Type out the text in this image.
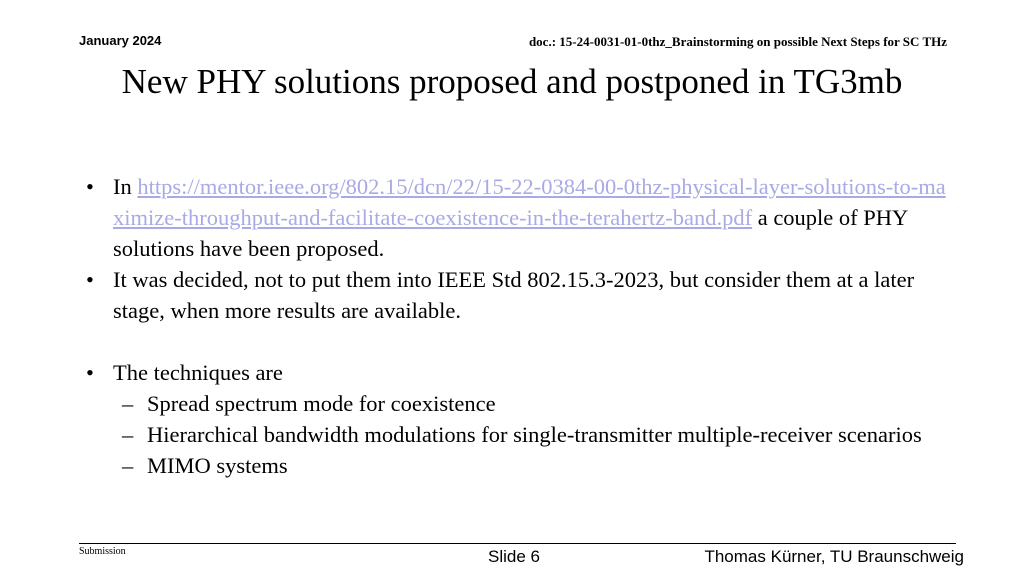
January 2024	doc.: 15-24-0031-01-0thz_Brainstorming on possible Next Steps for SC THz
New PHY solutions proposed and postponed in TG3mb
• In https://mentor.ieee.org/802.15/dcn/22/15-22-0384-00-0thz-physical-layer-solutions-to-maximize-throughput-and-facilitate-coexistence-in-the-terahertz-band.pdf a couple of PHY solutions have been proposed.
• It was decided, not to put them into IEEE Std 802.15.3-2023, but consider them at a later stage, when more results are available.
• The techniques are
– Spread spectrum mode for coexistence
– Hierarchical bandwidth modulations for single-transmitter multiple-receiver scenarios
– MIMO systems
Submission	Slide 6	Thomas Kürner, TU Braunschweig
